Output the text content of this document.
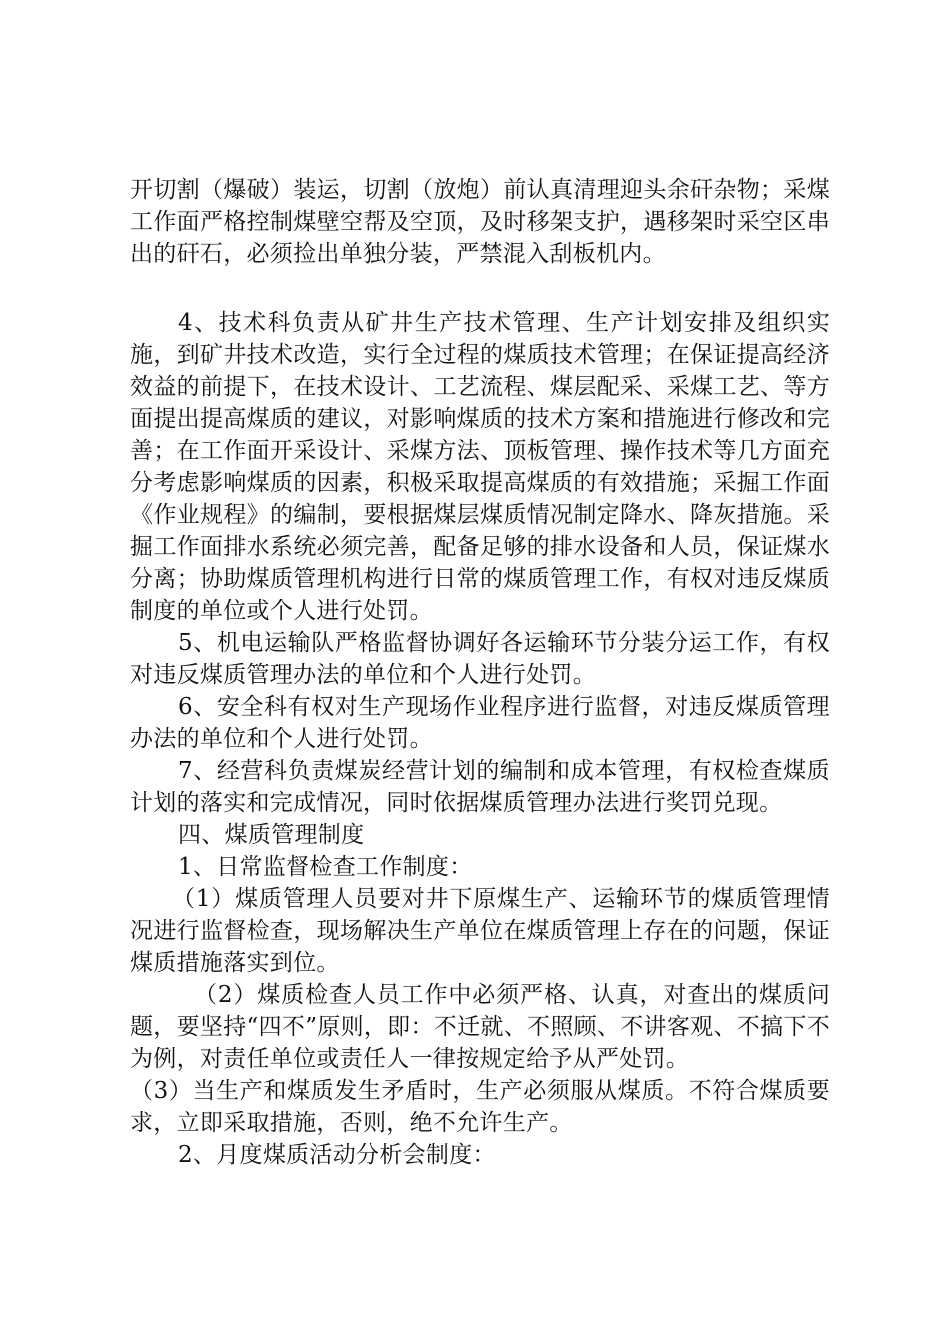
开切割（爆破）装运，切割（放炮）前认真清理迎头余矸杂物；采煤工作面严格控制煤壁空帮及空顶，及时移架支护，遇移架时采空区串出的矸石，必须捡出单独分装，严禁混入刮板机内。

4、技术科负责从矿井生产技术管理、生产计划安排及组织实施，到矿井技术改造，实行全过程的煤质技术管理；在保证提高经济效益的前提下，在技术设计、工艺流程、煤层配采、采煤工艺、等方面提出提高煤质的建议，对影响煤质的技术方案和措施进行修改和完善；在工作面开采设计、采煤方法、顶板管理、操作技术等几方面充分考虑影响煤质的因素，积极采取提高煤质的有效措施；采掘工作面《作业规程》的编制，要根据煤层煤质情况制定降水、降灰措施。采掘工作面排水系统必须完善，配备足够的排水设备和人员，保证煤水分离；协助煤质管理机构进行日常的煤质管理工作，有权对违反煤质制度的单位或个人进行处罚。

5、机电运输队严格监督协调好各运输环节分装分运工作，有权对违反煤质管理办法的单位和个人进行处罚。

6、安全科有权对生产现场作业程序进行监督，对违反煤质管理办法的单位和个人进行处罚。

7、经营科负责煤炭经营计划的编制和成本管理，有权检查煤质计划的落实和完成情况，同时依据煤质管理办法进行奖罚兑现。

四、煤质管理制度

1、日常监督检查工作制度：

（1）煤质管理人员要对井下原煤生产、运输环节的煤质管理情况进行监督检查，现场解决生产单位在煤质管理上存在的问题，保证煤质措施落实到位。

（2）煤质检查人员工作中必须严格、认真，对查出的煤质问题，要坚持“四不”原则，即：不迁就、不照顾、不讲客观、不搞下不为例，对责任单位或责任人一律按规定给予从严处罚。

（3）当生产和煤质发生矛盾时，生产必须服从煤质。不符合煤质要求，立即采取措施，否则，绝不允许生产。

2、月度煤质活动分析会制度：
